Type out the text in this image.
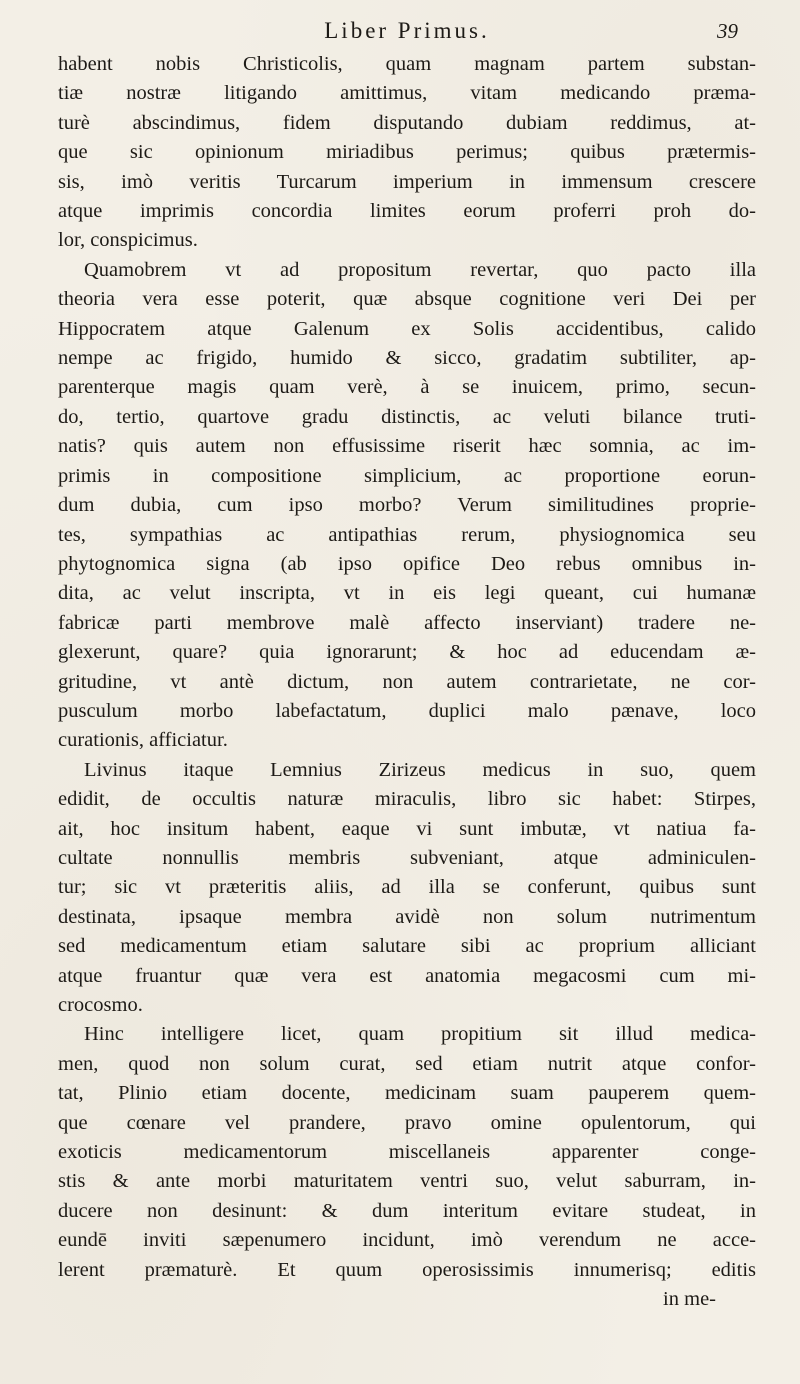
Liber Primus.	39

habent nobis Christicolis, quam magnam partem substan-

tiæ nostræ litigando amittimus, vitam medicando præma-

turè abscindimus, fidem disputando dubiam reddimus, at-

que sic opinionum miriadibus perimus; quibus prætermis-

sis, imò veritis Turcarum imperium in immensum crescere

atque imprimis concordia limites eorum proferri proh do-

lor, conspicimus.

Quamobrem vt ad propositum revertar, quo pacto illa

theoria vera esse poterit, quæ absque cognitione veri Dei per

Hippocratem atque Galenum ex Solis accidentibus, calido

nempe ac frigido, humido & sicco, gradatim subtiliter, ap-

parenterque magis quam verè, à se inuicem, primo, secun-

do, tertio, quartove gradu distinctis, ac veluti bilance truti-

natis? quis autem non effusissime riserit hæc somnia, ac im-

primis in compositione simplicium, ac proportione eorun-

dum dubia, cum ipso morbo? Verum similitudines proprie-

tes, sympathias ac antipathias rerum, physiognomica seu

phytognomica signa (ab ipso opifice Deo rebus omnibus in-

dita, ac velut inscripta, vt in eis legi queant, cui humanæ

fabricæ parti membrove malè affecto inserviant) tradere ne-

glexerunt, quare? quia ignorarunt; & hoc ad educendam æ-

gritudine, vt antè dictum, non autem contrarietate, ne cor-

pusculum morbo labefactatum, duplici malo pænave, loco

curationis, afficiatur.

Livinus itaque Lemnius Zirizeus medicus in suo, quem

edidit, de occultis naturæ miraculis, libro sic habet: Stirpes,

ait, hoc insitum habent, eaque vi sunt imbutæ, vt natiua fa-

cultate nonnullis membris subveniant, atque adminiculen-

tur; sic vt præteritis aliis, ad illa se conferunt, quibus sunt

destinata, ipsaque membra avidè non solum nutrimentum

sed medicamentum etiam salutare sibi ac proprium alliciant

atque fruantur quæ vera est anatomia megacosmi cum mi-

crocosmo.

Hinc intelligere licet, quam propitium sit illud medica-

men, quod non solum curat, sed etiam nutrit atque confor-

tat, Plinio etiam docente, medicinam suam pauperem quem-

que cœnare vel prandere, pravo omine opulentorum, qui

exoticis medicamentorum miscellaneis apparenter conge-

stis & ante morbi maturitatem ventri suo, velut saburram, in-

ducere non desinunt: & dum interitum evitare studeat, in

eundē inviti sæpenumero incidunt, imò verendum ne acce-

lerent præmaturè. Et quum operosissimis innumerisq; editis

in me-
